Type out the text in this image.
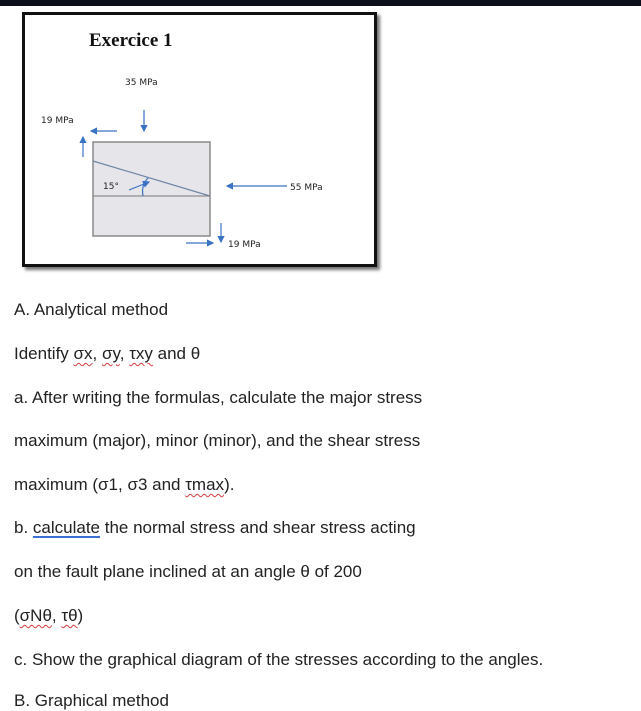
Exercice 1
35 MPa
19 MPa
15°	55 MPa
19 MPa
A. Analytical method
Identify σx, σy, τxy and θ
a. After writing the formulas, calculate the major stress
maximum (major), minor (minor), and the shear stress
maximum (σ1, σ3 and τmax).
b. calculate the normal stress and shear stress acting
on the fault plane inclined at an angle θ of 200
(σNθ, τθ)
c. Show the graphical diagram of the stresses according to the angles.
B. Graphical method
